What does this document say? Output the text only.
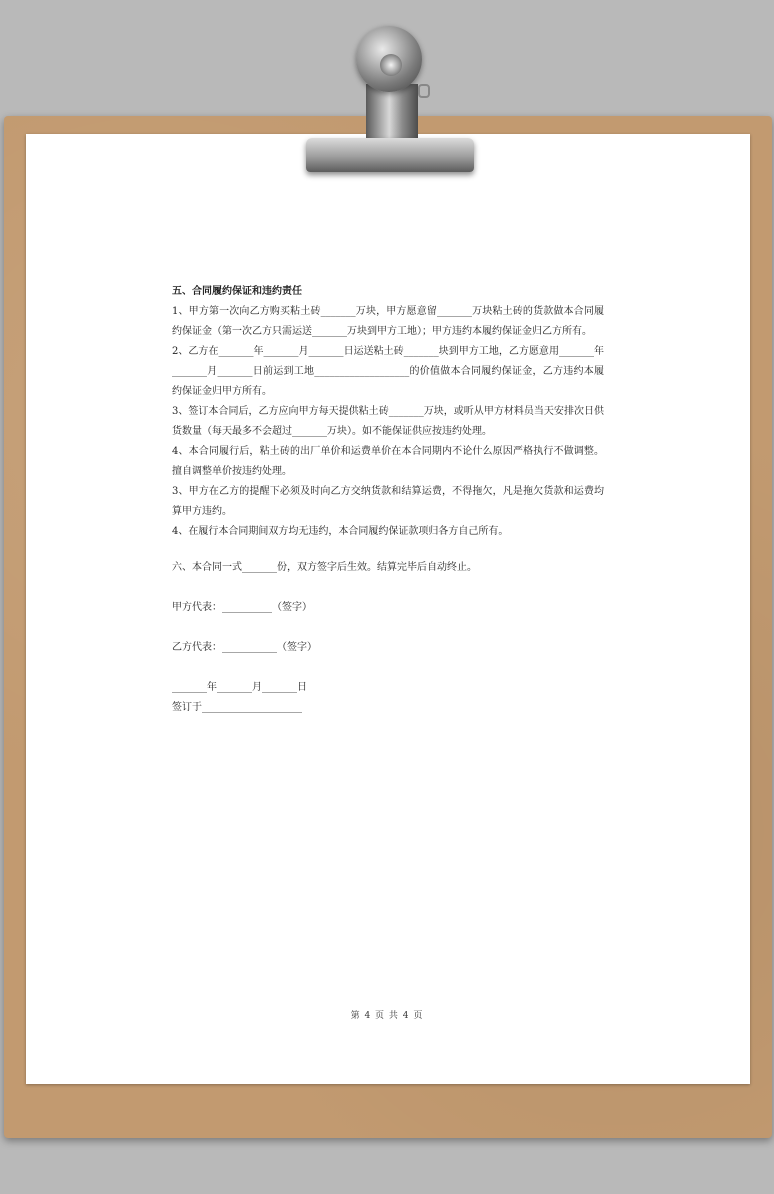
五、合同履约保证和违约责任

1、甲方第一次向乙方购买粘土砖_______万块，甲方愿意留_______万块粘土砖的货款做本合同履约保证金（第一次乙方只需运送_______万块到甲方工地）；甲方违约本履约保证金归乙方所有。

2、乙方在_______年_______月_______日运送粘土砖_______块到甲方工地，乙方愿意用_______年_______月_______日前运到工地___________________的价值做本合同履约保证金，乙方违约本履约保证金归甲方所有。

3、签订本合同后，乙方应向甲方每天提供粘土砖_______万块，或听从甲方材料员当天安排次日供货数量（每天最多不会超过_______万块）。如不能保证供应按违约处理。

4、本合同履行后，粘土砖的出厂单价和运费单价在本合同期内不论什么原因严格执行不做调整。擅自调整单价按违约处理。

3、甲方在乙方的提醒下必须及时向乙方交纳货款和结算运费，不得拖欠，凡是拖欠货款和运费均算甲方违约。

4、在履行本合同期间双方均无违约，本合同履约保证款项归各方自己所有。

六、本合同一式_______份，双方签字后生效。结算完毕后自动终止。

甲方代表：__________（签字）

乙方代表：___________（签字）

_______年_______月_______日

签订于____________________

第 4 页 共 4 页
